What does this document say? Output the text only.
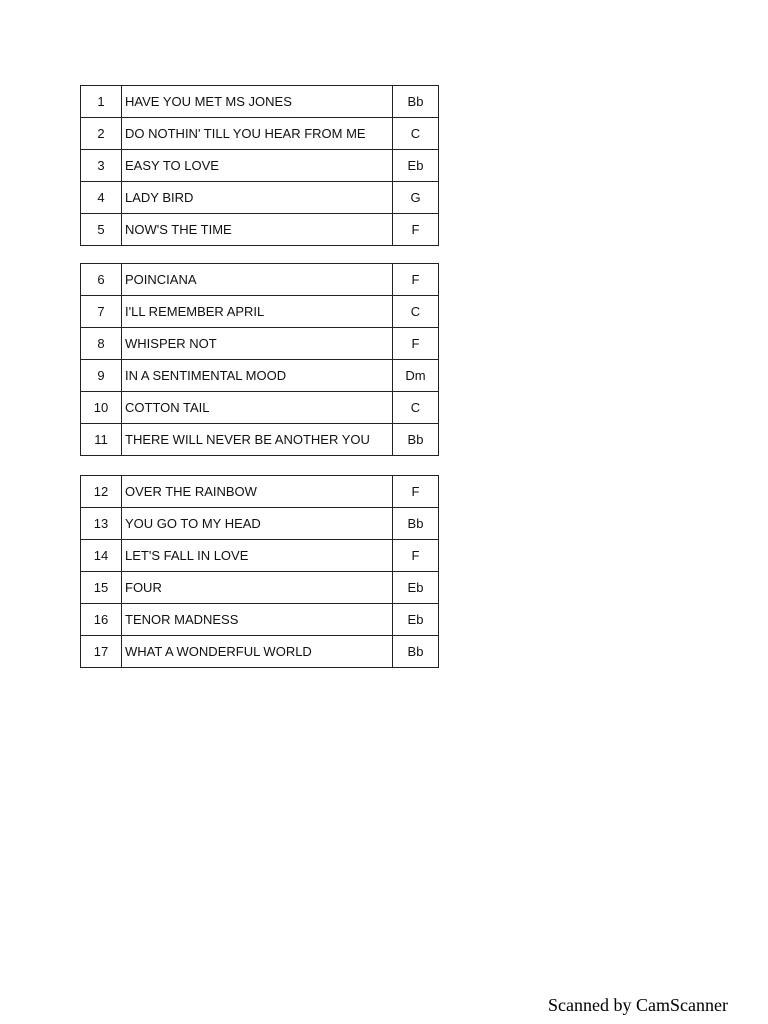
1	HAVE YOU MET MS JONES	Bb
2	DO NOTHIN' TILL YOU HEAR FROM ME	C
3	EASY TO LOVE	Eb
4	LADY BIRD	G
5	NOW'S THE TIME	F
6	POINCIANA	F
7	I'LL REMEMBER APRIL	C
8	WHISPER NOT	F
9	IN A SENTIMENTAL MOOD	Dm
10	COTTON TAIL	C
11	THERE WILL NEVER BE ANOTHER YOU	Bb
12	OVER THE RAINBOW	F
13	YOU GO TO MY HEAD	Bb
14	LET'S FALL IN LOVE	F
15	FOUR	Eb
16	TENOR MADNESS	Eb
17	WHAT A WONDERFUL WORLD	Bb
Scanned by CamScanner
